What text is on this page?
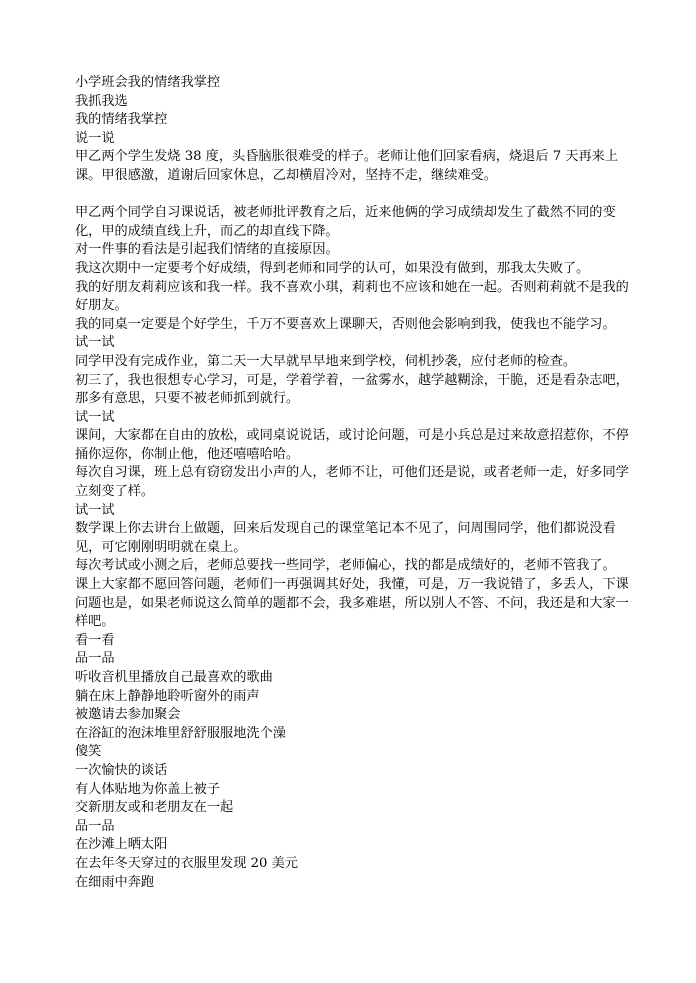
小学班会我的情绪我掌控

我抓我选

我的情绪我掌控

说一说

甲乙两个学生发烧 38 度，头昏脑胀很难受的样子。老师让他们回家看病，烧退后 7 天再来上课。甲很感激，道谢后回家休息，乙却横眉冷对，坚持不走，继续难受。

甲乙两个同学自习课说话，被老师批评教育之后，近来他俩的学习成绩却发生了截然不同的变化，甲的成绩直线上升，而乙的却直线下降。

对一件事的看法是引起我们情绪的直接原因。

我这次期中一定要考个好成绩，得到老师和同学的认可，如果没有做到，那我太失败了。

我的好朋友莉莉应该和我一样。我不喜欢小琪，莉莉也不应该和她在一起。否则莉莉就不是我的好朋友。

我的同桌一定要是个好学生，千万不要喜欢上课聊天，否则他会影响到我，使我也不能学习。

试一试

同学甲没有完成作业，第二天一大早就早早地来到学校，伺机抄袭，应付老师的检查。

初三了，我也很想专心学习，可是，学着学着，一盆雾水，越学越糊涂，干脆，还是看杂志吧，那多有意思，只要不被老师抓到就行。

试一试

课间，大家都在自由的放松，或同桌说说话，或讨论问题，可是小兵总是过来故意招惹你，不停捅你逗你，你制止他，他还嘻嘻哈哈。

每次自习课，班上总有窃窃发出小声的人，老师不让，可他们还是说，或者老师一走，好多同学立刻变了样。

试一试

数学课上你去讲台上做题，回来后发现自己的课堂笔记本不见了，问周围同学，他们都说没看见，可它刚刚明明就在桌上。

每次考试或小测之后，老师总要找一些同学，老师偏心，找的都是成绩好的，老师不管我了。

课上大家都不愿回答问题，老师们一再强调其好处，我懂，可是，万一我说错了，多丢人，下课问题也是，如果老师说这么简单的题都不会，我多难堪，所以别人不答、不问，我还是和大家一样吧。

看一看

品一品

听收音机里播放自己最喜欢的歌曲

躺在床上静静地聆听窗外的雨声

被邀请去参加聚会

在浴缸的泡沫堆里舒舒服服地洗个澡

傻笑

一次愉快的谈话

有人体贴地为你盖上被子

交新朋友或和老朋友在一起

品一品

在沙滩上晒太阳

在去年冬天穿过的衣服里发现 20 美元

在细雨中奔跑
